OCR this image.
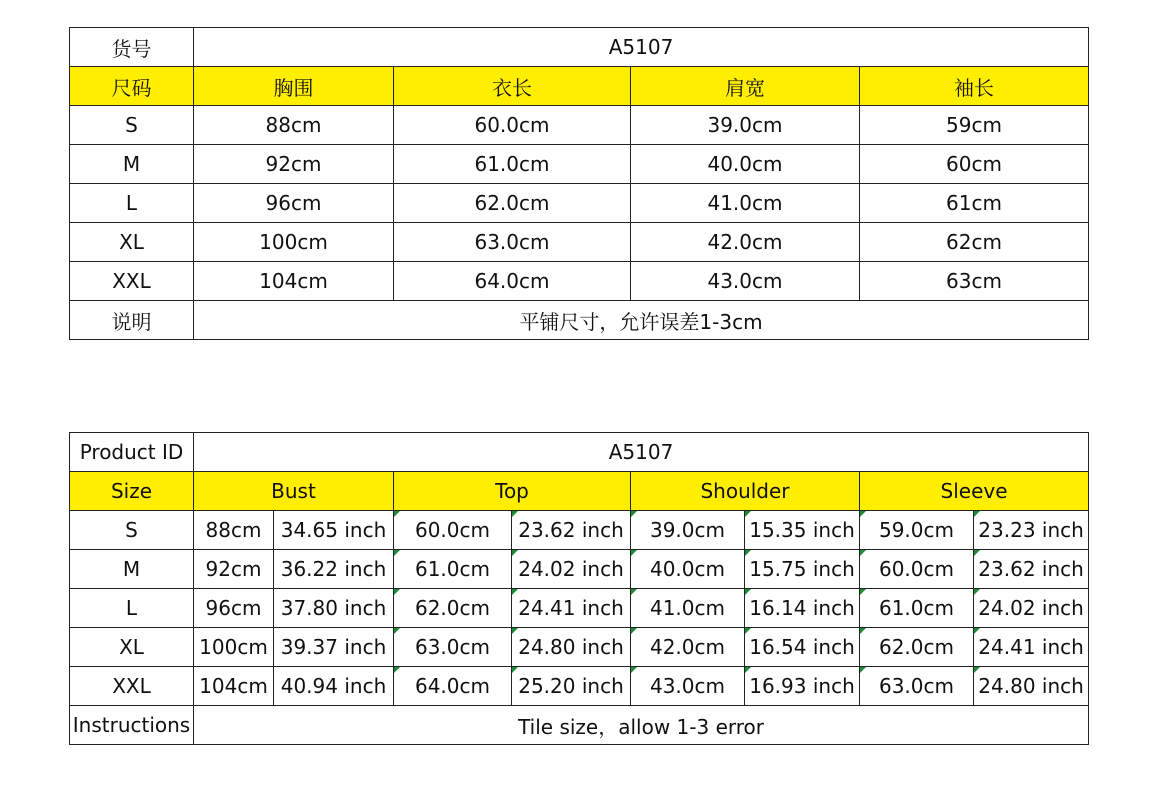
货号	A5107			
尺码	胸围	衣长	肩宽	袖长
S	88cm	60.0cm	39.0cm	59cm
M	92cm	61.0cm	40.0cm	60cm
L	96cm	62.0cm	41.0cm	61cm
XL	100cm	63.0cm	42.0cm	62cm
XXL	104cm	64.0cm	43.0cm	63cm
说明	平铺尺寸，允许误差1-3cm			
Product ID	A5107							
Size	Bust		Top		Shoulder		Sleeve	
S	88cm	34.65 inch	60.0cm	23.62 inch	39.0cm	15.35 inch	59.0cm	23.23 inch
M	92cm	36.22 inch	61.0cm	24.02 inch	40.0cm	15.75 inch	60.0cm	23.62 inch
L	96cm	37.80 inch	62.0cm	24.41 inch	41.0cm	16.14 inch	61.0cm	24.02 inch
XL	100cm	39.37 inch	63.0cm	24.80 inch	42.0cm	16.54 inch	62.0cm	24.41 inch
XXL	104cm	40.94 inch	64.0cm	25.20 inch	43.0cm	16.93 inch	63.0cm	24.80 inch
Instructions	Tile size，allow 1-3 error							
